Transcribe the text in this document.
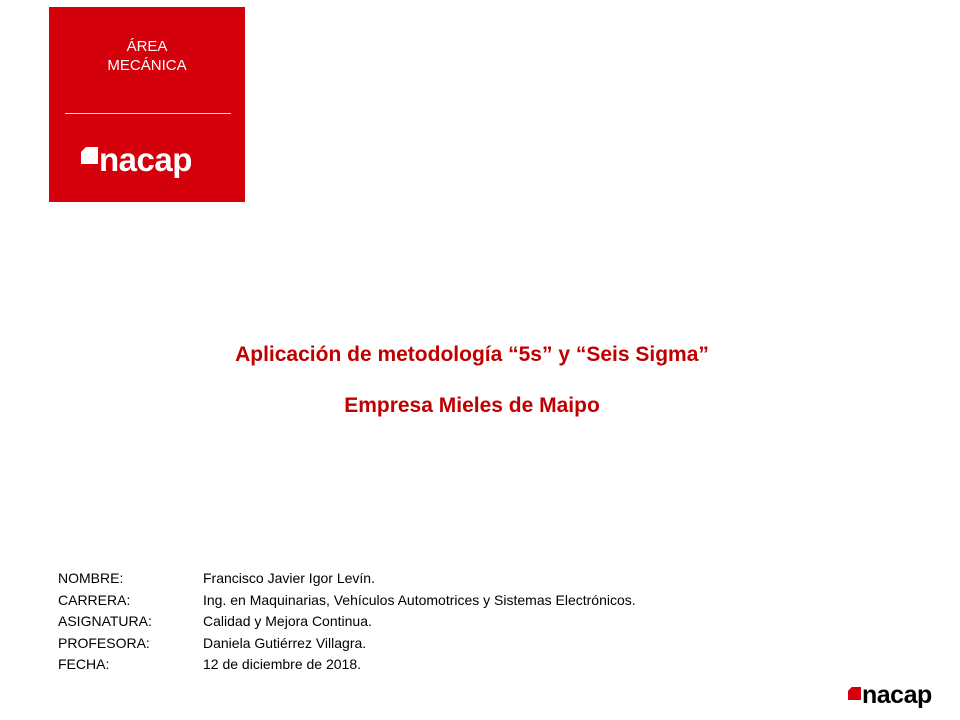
ÁREA
MECÁNICA
nacap
Aplicación de metodología “5s” y “Seis Sigma”
Empresa Mieles de Maipo
NOMBRE:	Francisco Javier Igor Levín.
CARRERA:	Ing. en Maquinarias, Vehículos Automotrices y Sistemas Electrónicos.
ASIGNATURA:	Calidad y Mejora Continua.
PROFESORA:	Daniela Gutiérrez Villagra.
FECHA:	12 de diciembre de 2018.
nacap
